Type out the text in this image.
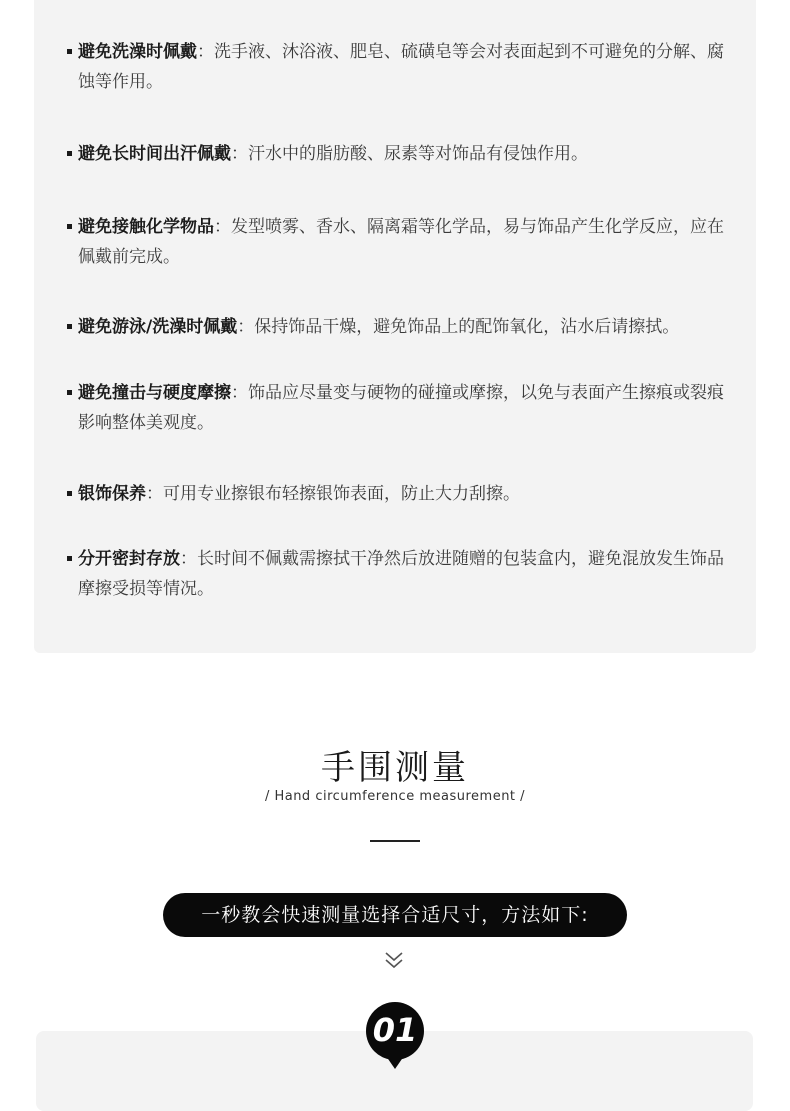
避免洗澡时佩戴：洗手液、沐浴液、肥皂、硫磺皂等会对表面起到不可避免的分解、腐蚀等作用。
避免长时间出汗佩戴：汗水中的脂肪酸、尿素等对饰品有侵蚀作用。
避免接触化学物品：发型喷雾、香水、隔离霜等化学品，易与饰品产生化学反应，应在佩戴前完成。
避免游泳/洗澡时佩戴：保持饰品干燥，避免饰品上的配饰氧化，沾水后请擦拭。
避免撞击与硬度摩擦：饰品应尽量变与硬物的碰撞或摩擦，以免与表面产生擦痕或裂痕影响整体美观度。
银饰保养：可用专业擦银布轻擦银饰表面，防止大力刮擦。
分开密封存放：长时间不佩戴需擦拭干净然后放进随赠的包装盒内，避免混放发生饰品摩擦受损等情况。
手围测量
/ Hand circumference measurement /
一秒教会快速测量选择合适尺寸，方法如下:
01
